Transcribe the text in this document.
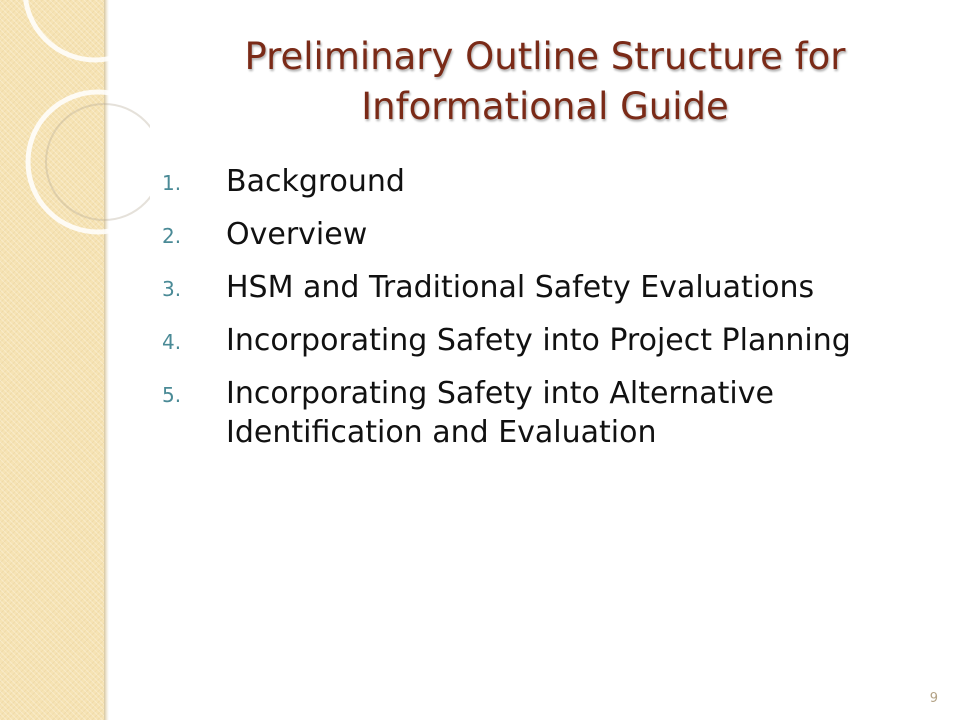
Preliminary Outline Structure for Informational Guide
1. Background
2. Overview
3. HSM and Traditional Safety Evaluations
4. Incorporating Safety into Project Planning
5. Incorporating Safety into Alternative Identification and Evaluation
9
